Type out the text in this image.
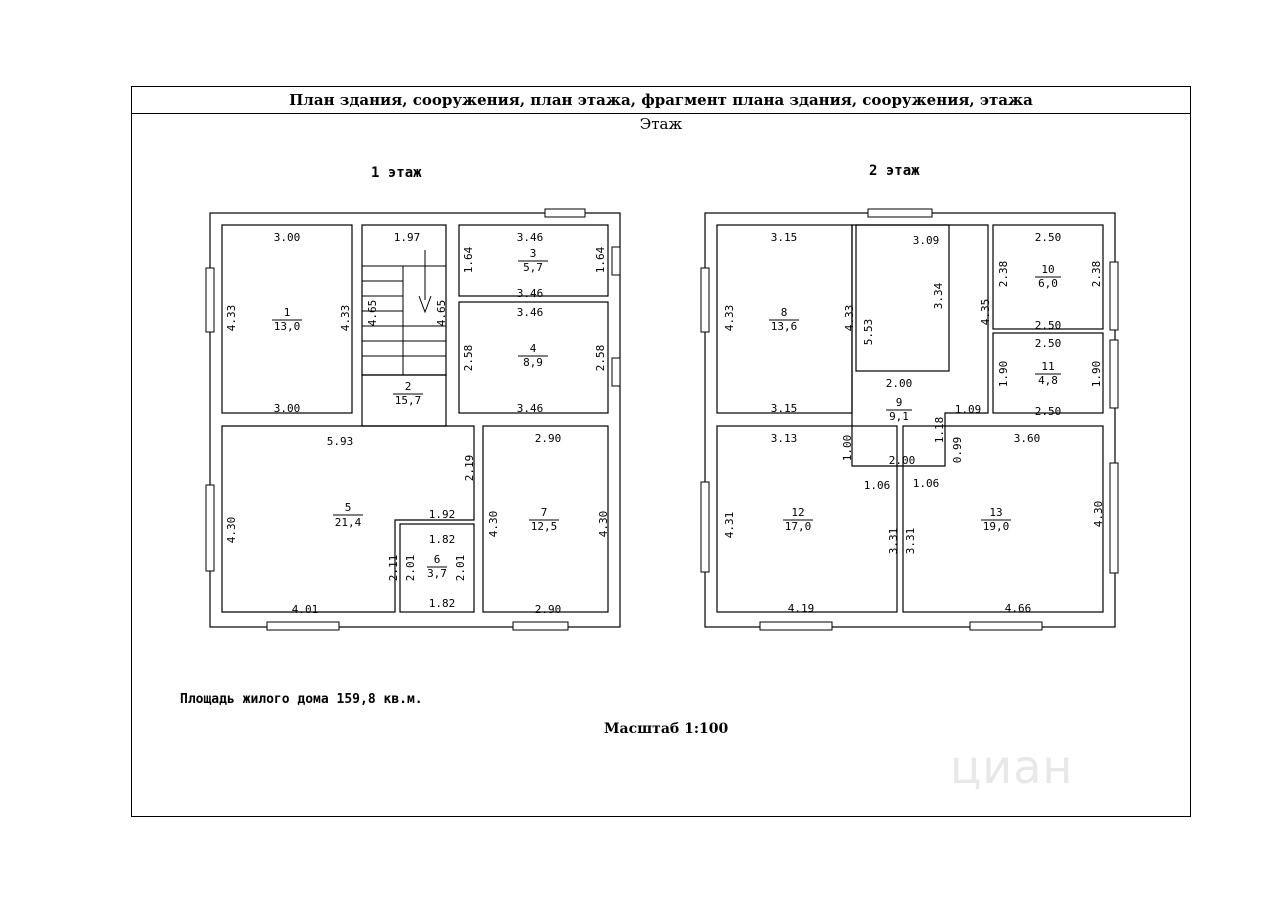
План здания, сооружения, план этажа, фрагмент плана здания, сооружения, этажа
Этаж
1 этаж	2 этаж
циан
1
13,0
2
15,7
3
5,7
4
8,9
5
21,4
6
3,7
7
12,5
8
13,6
9
9,1
10
6,0
11
4,8
12
17,0
13
19,0
3.00
4.33	4.33
3.00
1.97
4.65	4.65
3.46
1.64	1.64
3.46
3.46
2.58	2.58
3.46
5.93
2.19
4.30
4.01
1.92
1.82
2.11 2.01	2.01
1.82
2.90
4.30	4.30
2.90
3.15
4.33	4.33
3.15
3.09
5.53
3.34
4.35
2.00
1.09
1.18
2.00
1.00	0.99
2.50
2.38	2.38
2.50
2.50
1.90	1.90
2.50
3.13
4.31
3.31
4.19
1.06 1.06
3.60
3.31
4.30
4.66
Площадь жилого дома 159,8 кв.м.
Масштаб 1:100
